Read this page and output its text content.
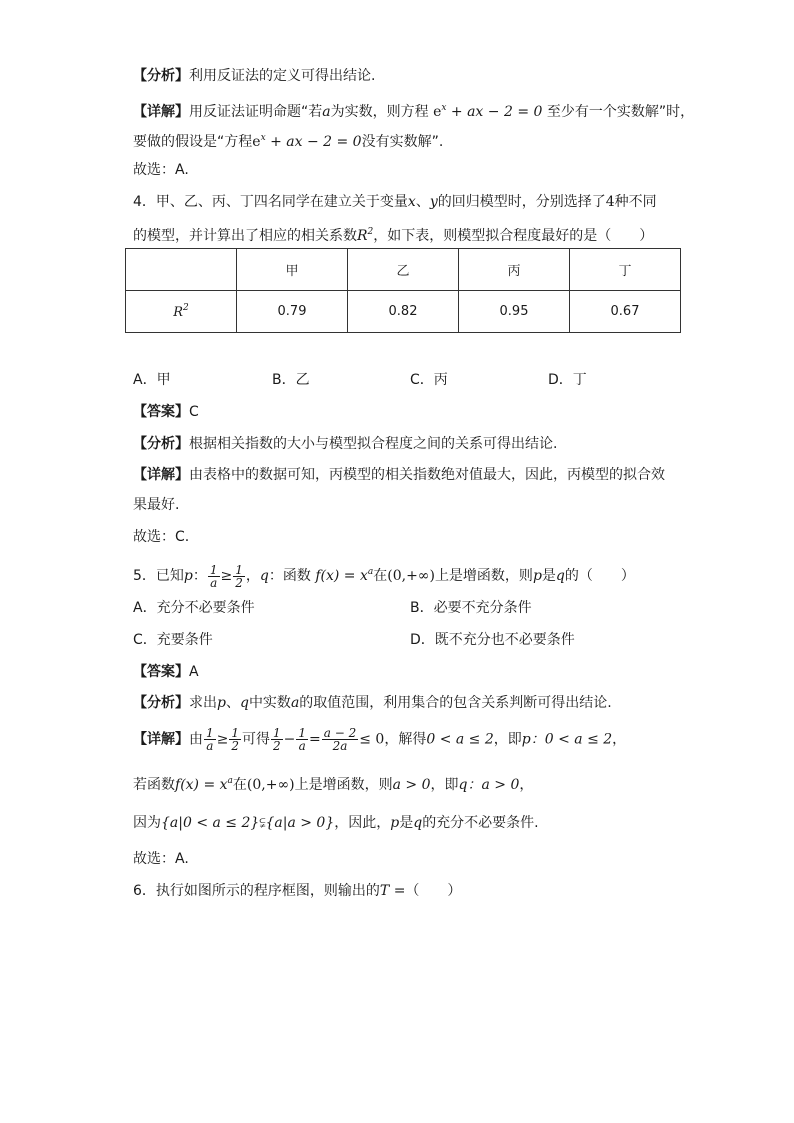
【分析】利用反证法的定义可得出结论.
【详解】用反证法证明命题“若a为实数，则方程 $e^x$ + ax − 2 = 0 至少有一个实数解”时，
要做的假设是“方程$e^x$ + ax − 2 = 0没有实数解”.
故选：A.
4．甲、乙、丙、丁四名同学在建立关于变量x、y的回归模型时，分别选择了4种不同
的模型，并计算出了相应的相关系数$R^2$，如下表，则模型拟合程度最好的是（　　）
	甲	乙	丙	丁
$R^2$	0.79	0.82	0.95	0.67
A．甲	B．乙	C．丙	D．丁
【答案】C
【分析】根据相关指数的大小与模型拟合程度之间的关系可得出结论.
【详解】由表格中的数据可知，丙模型的相关指数绝对值最大，因此，丙模型的拟合效
果最好.
故选：C.
5．已知p： $\frac{1}{a} \ge \frac{1}{2}$ ，q：函数 $f(x) = x^a$在(0,+∞)上是增函数，则p是q的（　　）
A．充分不必要条件	B．必要不充分条件
C．充要条件	D．既不充分也不必要条件
【答案】A
【分析】求出p、q中实数a的取值范围，利用集合的包含关系判断可得出结论.
【详解】由 $\frac{1}{a} \ge \frac{1}{2}$ 可得 $\frac{1}{2} - \frac{1}{a} = \frac{a - 2}{2a} \le 0$，解得0 < a ≤ 2，即p：0 < a ≤ 2，
若函数$f(x) = x^a$在(0,+∞)上是增函数，则a > 0，即q：a > 0，
因为{a|0 < a ≤ 2}⫋{a|a > 0}，因此，p是q的充分不必要条件.
故选：A.
6．执行如图所示的程序框图，则输出的T =（　　）
